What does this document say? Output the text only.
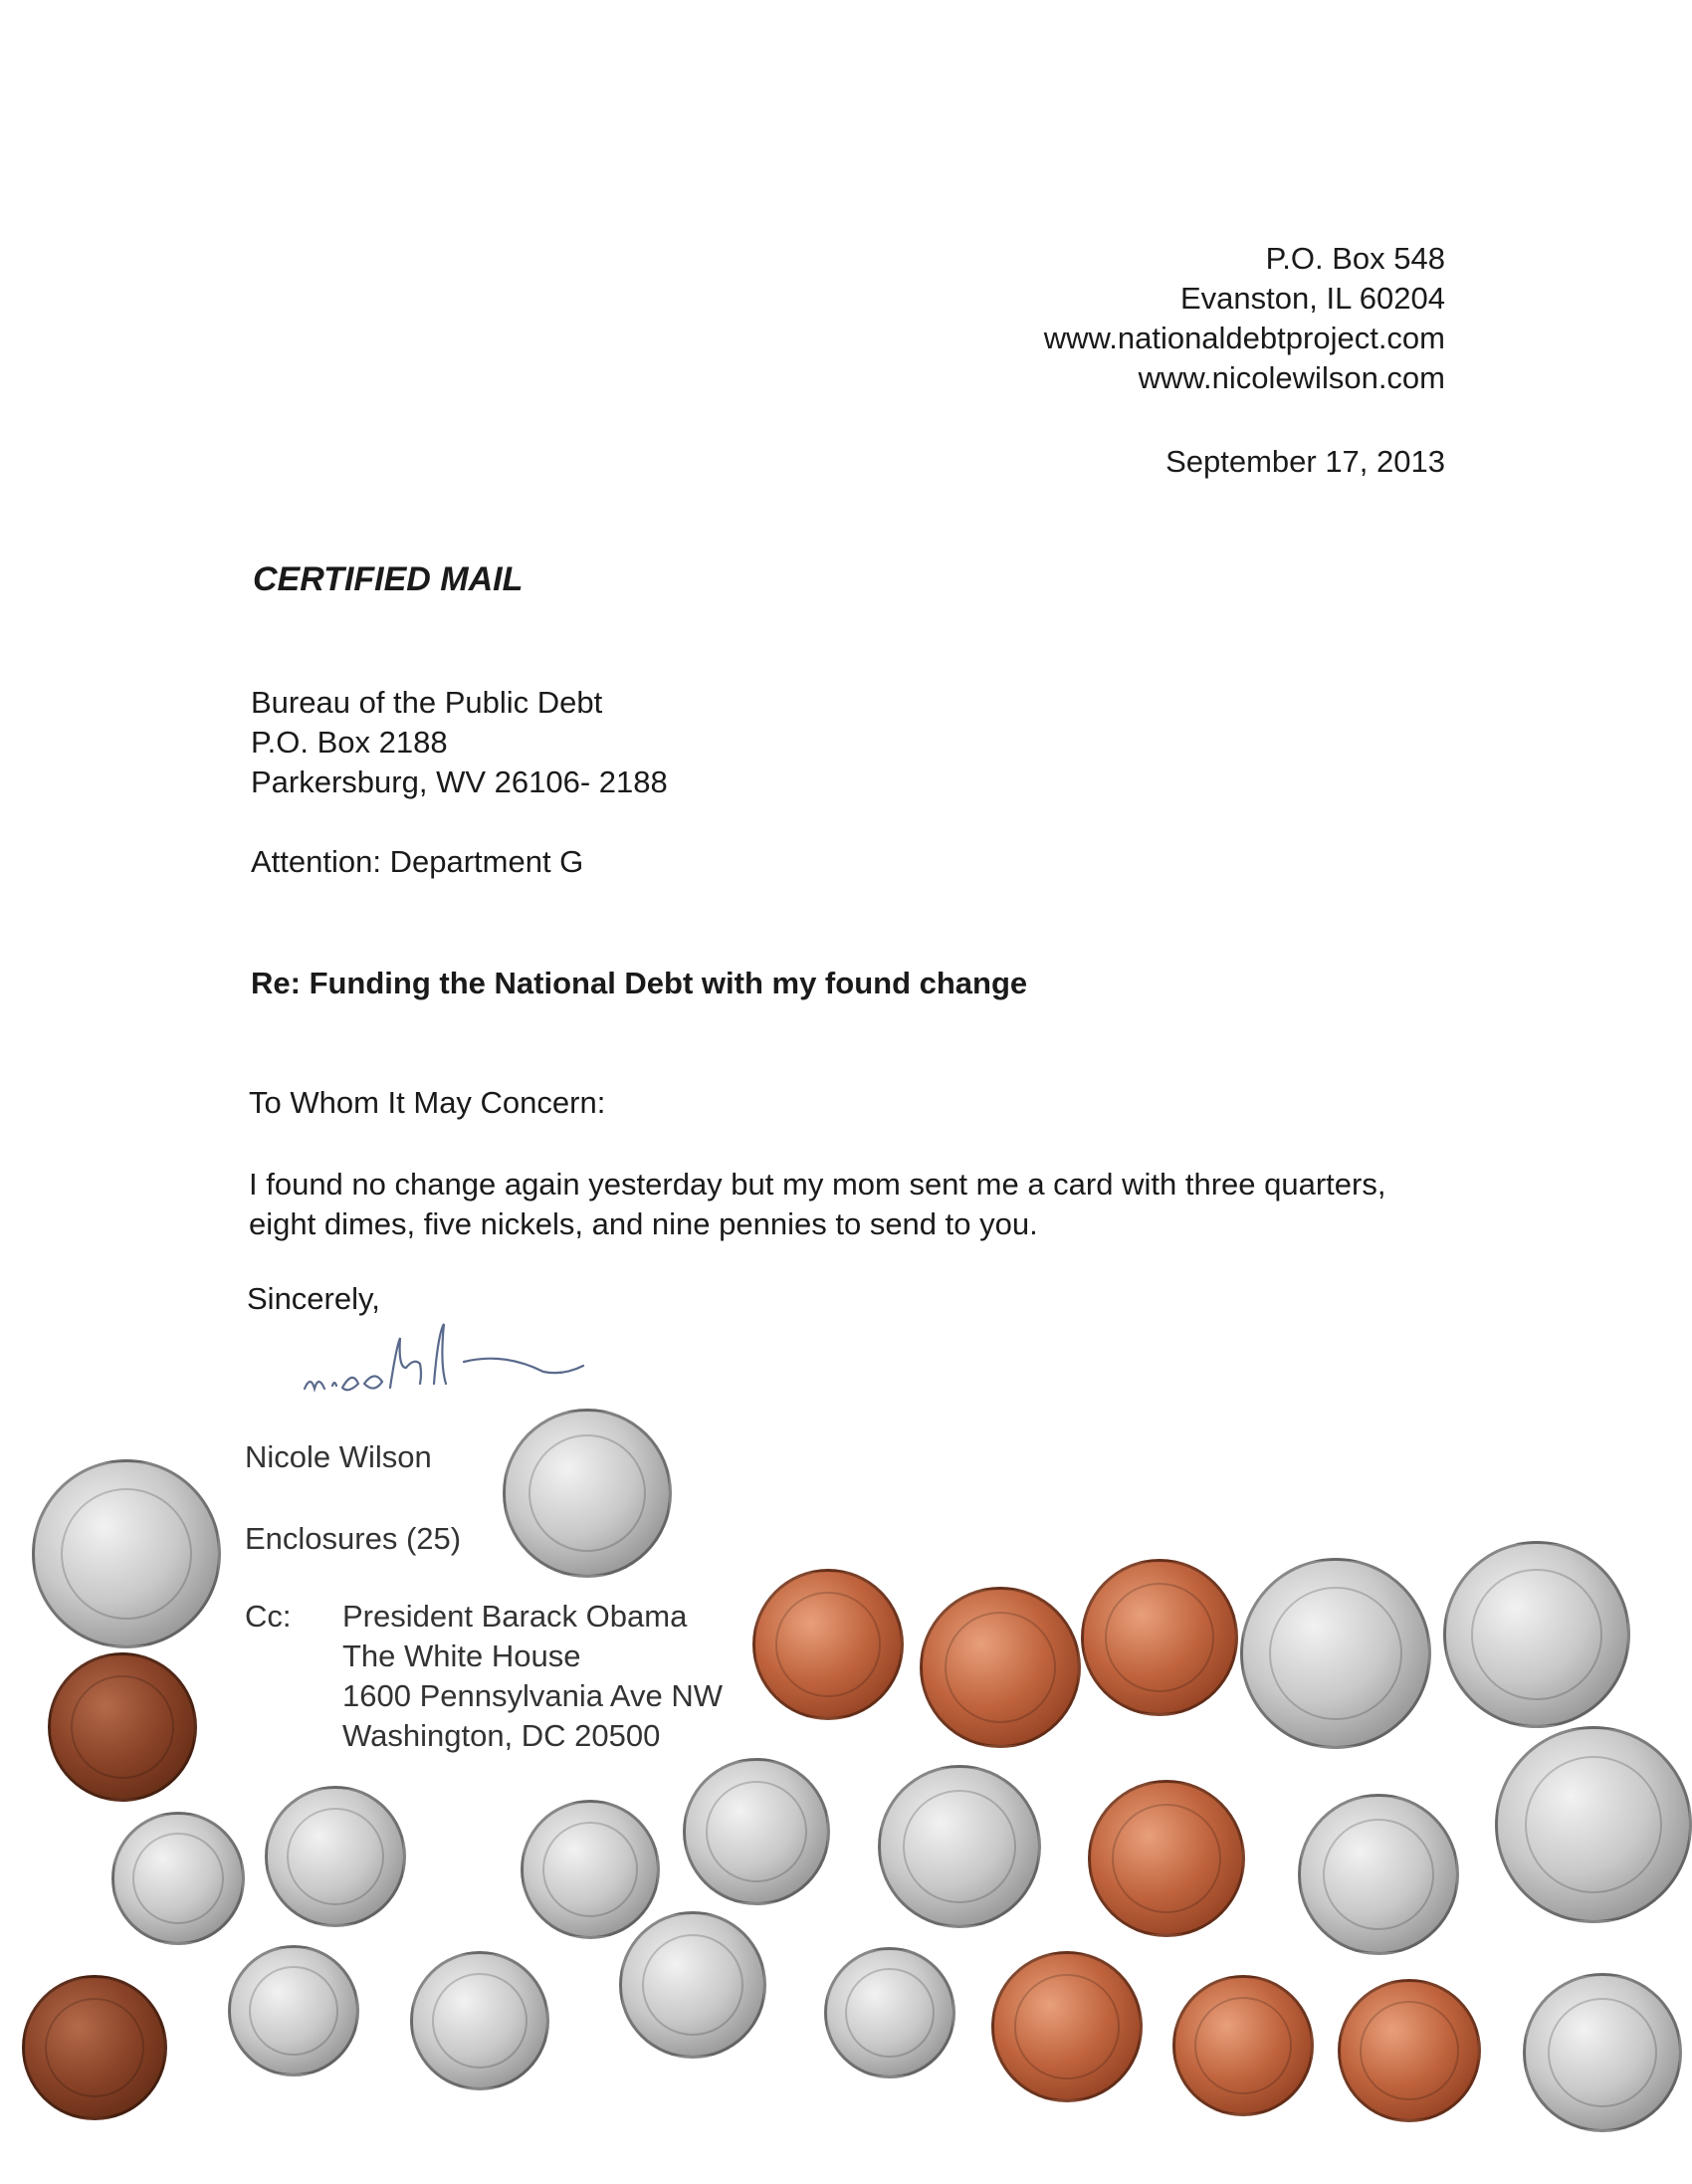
P.O. Box 548
Evanston, IL 60204
www.nationaldebtproject.com
www.nicolewilson.com
September 17, 2013
CERTIFIED MAIL
Bureau of the Public Debt
P.O. Box 2188
Parkersburg, WV 26106- 2188
Attention: Department G
Re: Funding the National Debt with my found change
To Whom It May Concern:
I found no change again yesterday but my mom sent me a card with three quarters, eight dimes, five nickels, and nine pennies to send to you.
Sincerely,
Nicole Wilson
Enclosures (25)
Cc: President Barack Obama
The White House
1600 Pennsylvania Ave NW
Washington, DC 20500
